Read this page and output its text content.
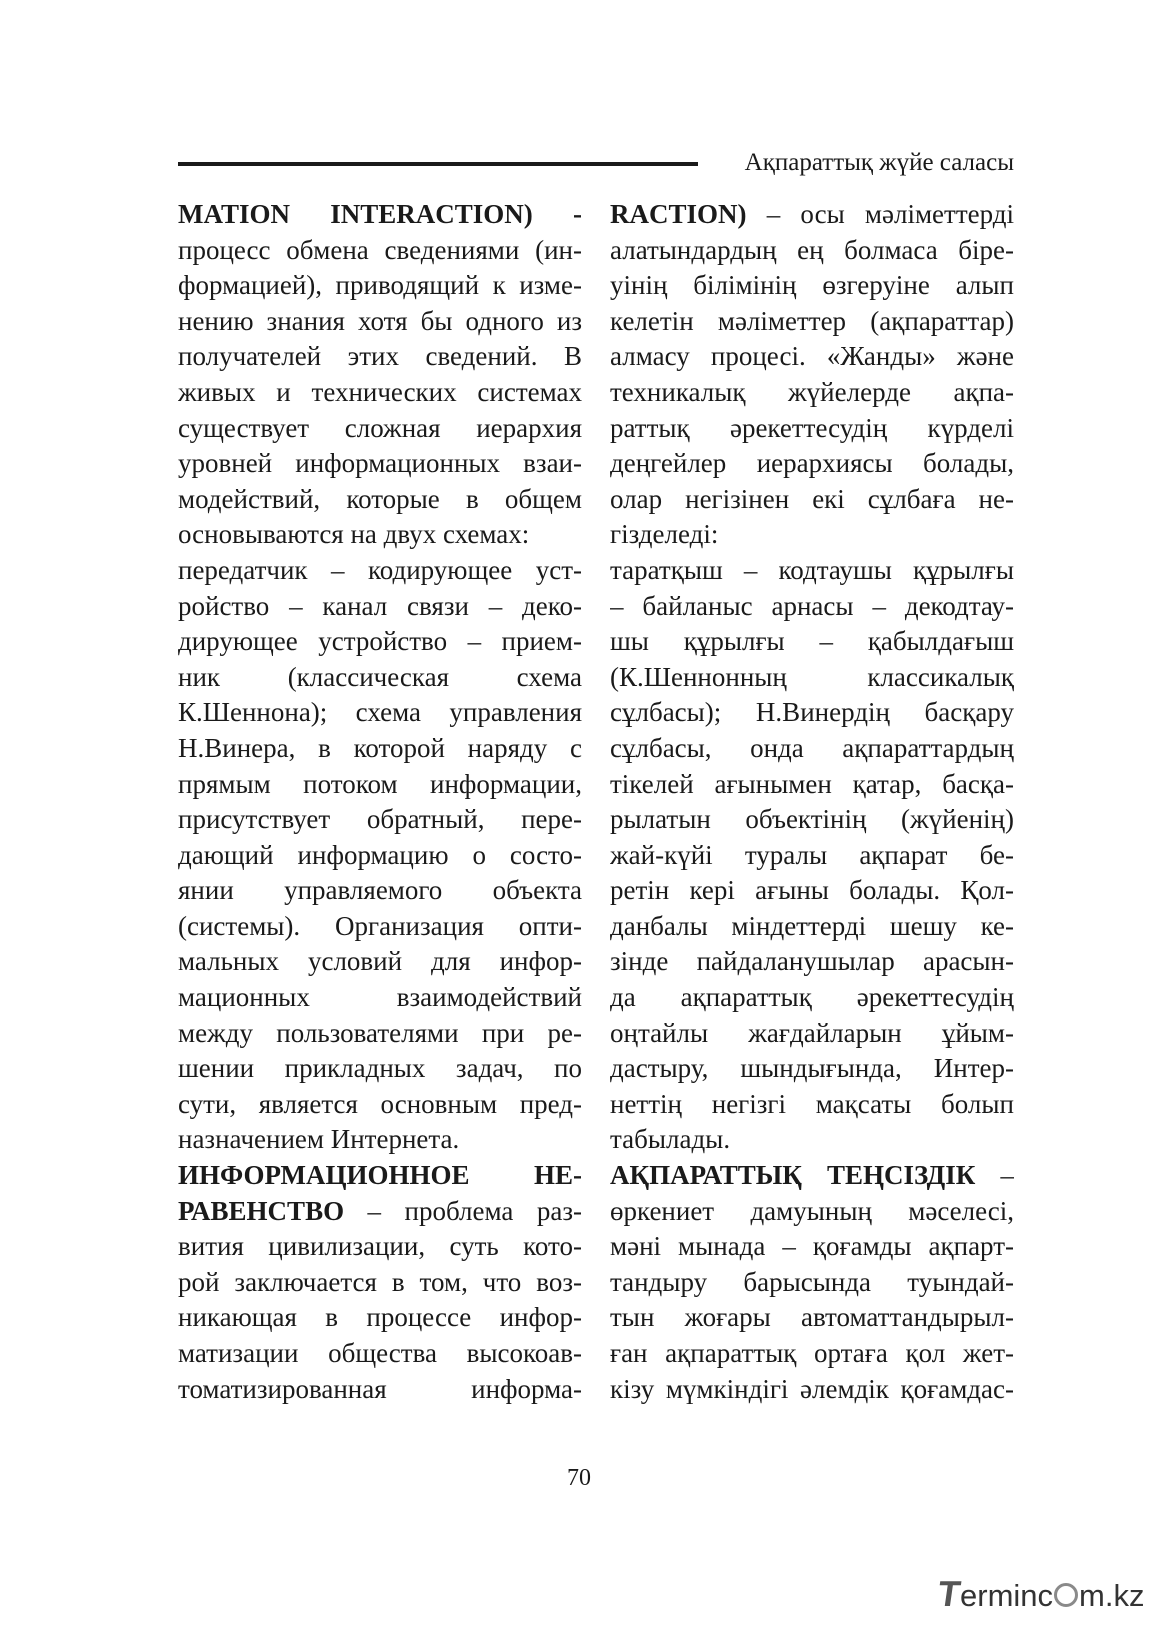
Ақпараттық жүйе саласы
MATION INTERACTION) -
процесс обмена сведениями (ин-
формацией), приводящий к изме-
нению знания хотя бы одного из
получателей этих сведений. В
живых и технических системах
существует сложная иерархия
уровней информационных взаи-
модействий, которые в общем
основываются на двух схемах:
передатчик – кодирующее уст-
ройство – канал связи – деко-
дирующее устройство – прием-
ник (классическая схема
К.Шеннона); схема управления
Н.Винера, в которой наряду с
прямым потоком информации,
присутствует обратный, пере-
дающий информацию о состо-
янии управляемого объекта
(системы). Организация опти-
мальных условий для инфор-
мационных взаимодействий
между пользователями при ре-
шении прикладных задач, по
сути, является основным пред-
назначением Интернета.
ИНФОРМАЦИОННОЕ НЕ-
РАВЕНСТВО – проблема раз-
вития цивилизации, суть кото-
рой заключается в том, что воз-
никающая в процессе инфор-
матизации общества высокоав-
томатизированная информа-
RACTION) – осы мәліметтерді
алатындардың ең болмаса біре-
уінің білімінің өзгеруіне алып
келетін мәліметтер (ақпараттар)
алмасу процесі. «Жанды» және
техникалық жүйелерде ақпа-
раттық әрекеттесудің күрделі
деңгейлер иерархиясы болады,
олар негізінен екі сұлбаға не-
гізделеді:
таратқыш – кодтаушы құрылғы
– байланыс арнасы – декодтау-
шы құрылғы – қабылдағыш
(К.Шеннонның классикалық
сұлбасы); Н.Винердің басқару
сұлбасы, онда ақпараттардың
тікелей ағынымен қатар, басқа-
рылатын объектінің (жүйенің)
жай-күйі туралы ақпарат бе-
ретін кері ағыны болады. Қол-
данбалы міндеттерді шешу ке-
зінде пайдаланушылар арасын-
да ақпараттық әрекеттесудің
оңтайлы жағдайларын ұйым-
дастыру, шындығында, Интер-
неттің негізгі мақсаты болып
табылады.
АҚПАРАТТЫҚ ТЕҢСІЗДІК –
өркениет дамуының мәселесі,
мәні мынада – қоғамды ақпарт-
тандыру барысында туындай-
тын жоғары автоматтандырыл-
ған ақпараттық ортаға қол жет-
кізу мүмкіндігі әлемдік қоғамдас-
70
Terminc m.kz
